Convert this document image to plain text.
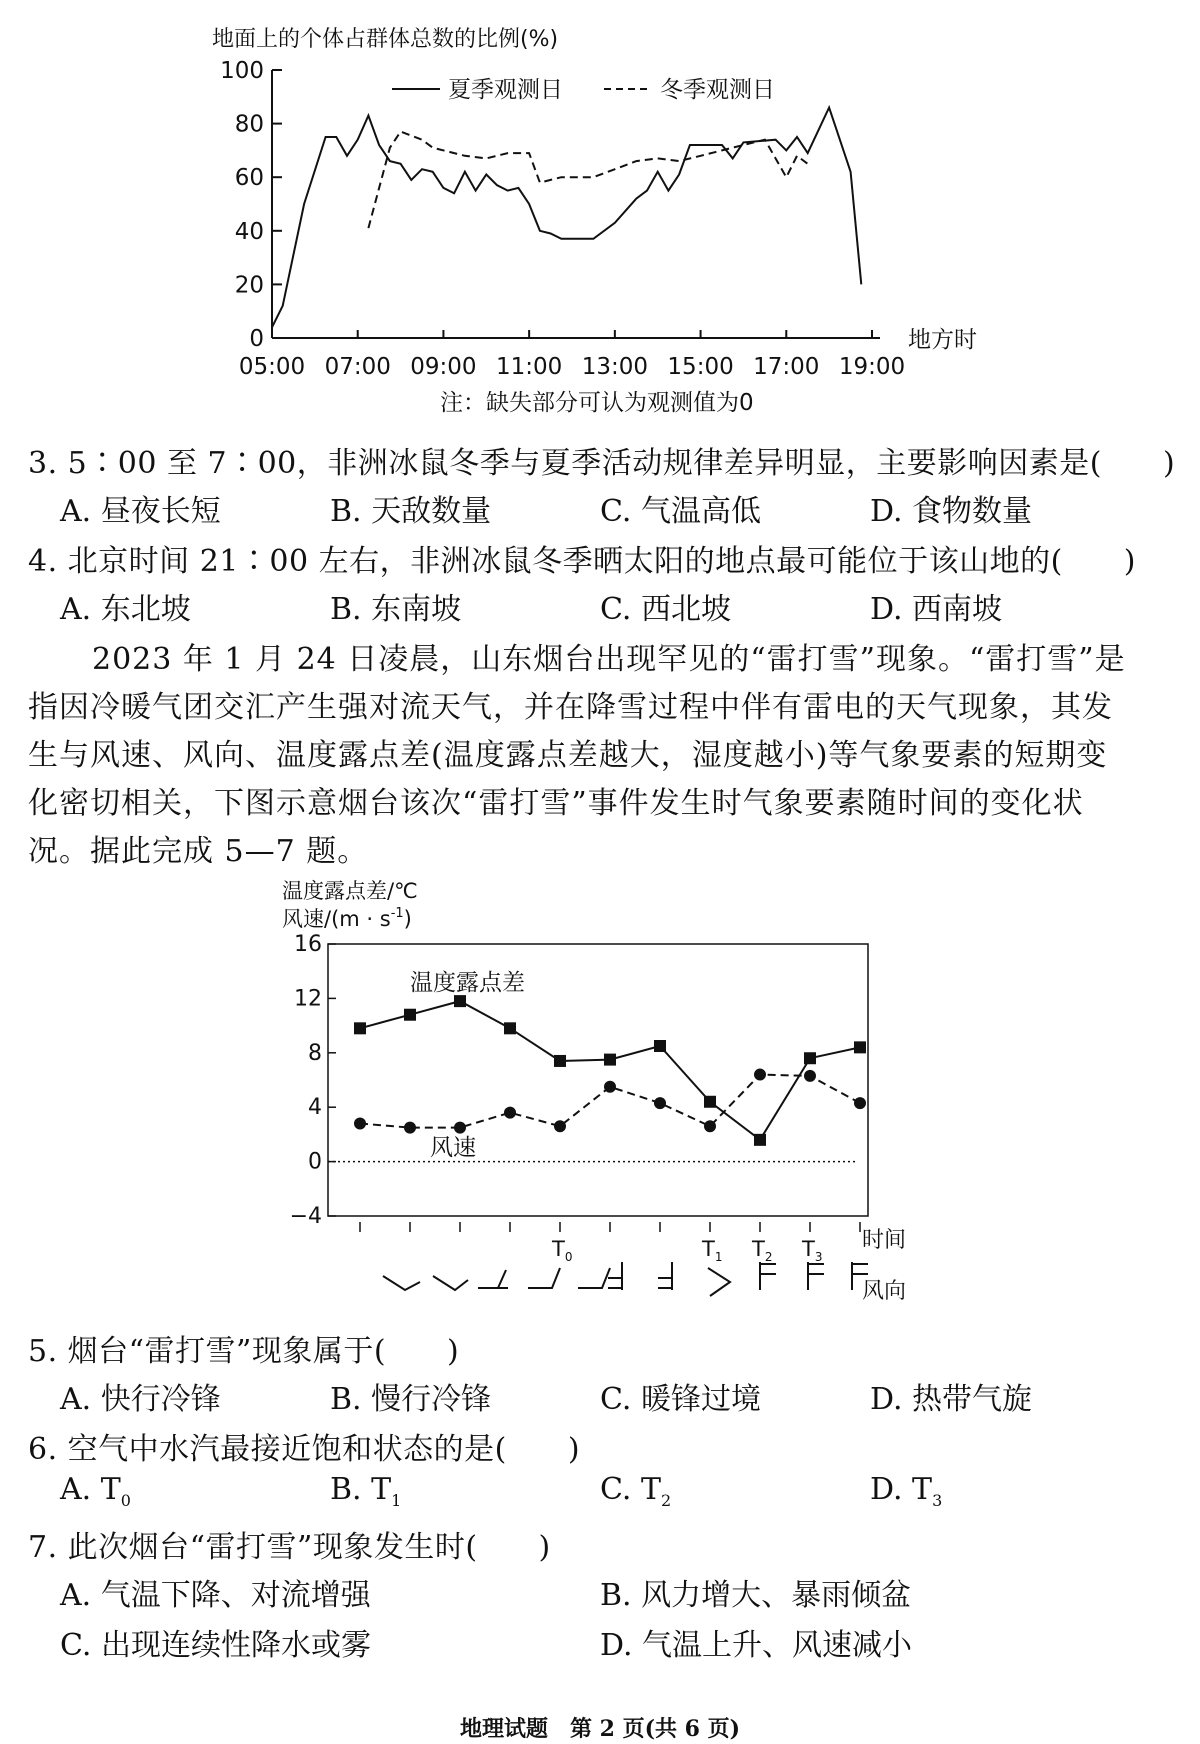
地面上的个体占群体总数的比例(%)
0
20
40
60
80
100
05:00 07:00 09:00 11:00 13:00 15:00 17:00 19:00
夏季观测日	冬季观测日
地方时
注：缺失部分可认为观测值为0
3. 5∶00 至 7∶00，非洲冰鼠冬季与夏季活动规律差异明显，主要影响因素是(　　)
A. 昼夜长短	B. 天敌数量	C. 气温高低	D. 食物数量
4. 北京时间 21∶00 左右，非洲冰鼠冬季晒太阳的地点最可能位于该山地的(　　)
A. 东北坡	B. 东南坡	C. 西北坡	D. 西南坡
2023 年 1 月 24 日凌晨，山东烟台出现罕见的“雷打雪”现象。“雷打雪”是
指因冷暖气团交汇产生强对流天气，并在降雪过程中伴有雷电的天气现象，其发
生与风速、风向、温度露点差(温度露点差越大，湿度越小)等气象要素的短期变
化密切相关，下图示意烟台该次“雷打雪”事件发生时气象要素随时间的变化状
况。据此完成 5—7 题。
温度露点差/℃
风速$/(m \cdot s^{-1})$
16
12
8
4
0
−4
$T_0$	$T_1$ $T_2$ $T_3$
温度露点差
风速
时间
风向
5. 烟台“雷打雪”现象属于(　　)
A. 快行冷锋	B. 慢行冷锋	C. 暖锋过境	D. 热带气旋
6. 空气中水汽最接近饱和状态的是(　　)
A. $T_0$	B. $T_1$	C. $T_2$	D. $T_3$
7. 此次烟台“雷打雪”现象发生时(　　)
A. 气温下降、对流增强	B. 风力增大、暴雨倾盆
C. 出现连续性降水或雾	D. 气温上升、风速减小
地理试题　第 2 页(共 6 页)
